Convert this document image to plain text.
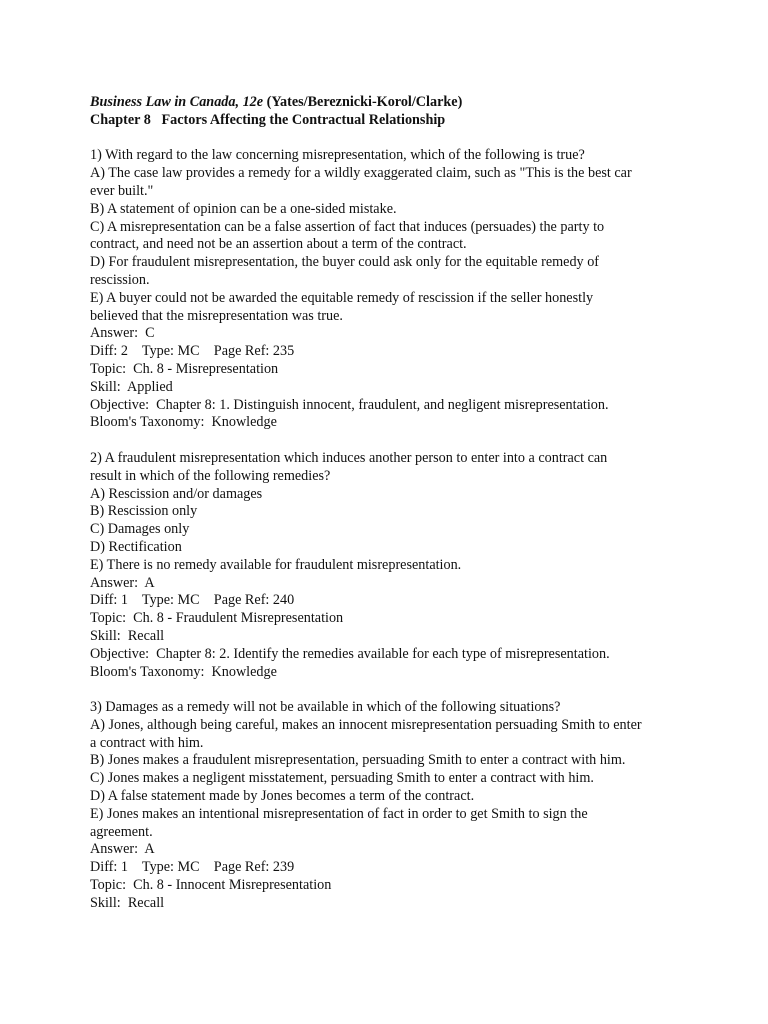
Business Law in Canada, 12e (Yates/Bereznicki-Korol/Clarke)
Chapter 8   Factors Affecting the Contractual Relationship
1) With regard to the law concerning misrepresentation, which of the following is true?
A) The case law provides a remedy for a wildly exaggerated claim, such as "This is the best car
ever built."
B) A statement of opinion can be a one-sided mistake.
C) A misrepresentation can be a false assertion of fact that induces (persuades) the party to
contract, and need not be an assertion about a term of the contract.
D) For fraudulent misrepresentation, the buyer could ask only for the equitable remedy of
rescission.
E) A buyer could not be awarded the equitable remedy of rescission if the seller honestly
believed that the misrepresentation was true.
Answer:  C
Diff: 2    Type: MC    Page Ref: 235
Topic:  Ch. 8 - Misrepresentation
Skill:  Applied
Objective:  Chapter 8: 1. Distinguish innocent, fraudulent, and negligent misrepresentation.
Bloom's Taxonomy:  Knowledge
2) A fraudulent misrepresentation which induces another person to enter into a contract can
result in which of the following remedies?
A) Rescission and/or damages
B) Rescission only
C) Damages only
D) Rectification
E) There is no remedy available for fraudulent misrepresentation.
Answer:  A
Diff: 1    Type: MC    Page Ref: 240
Topic:  Ch. 8 - Fraudulent Misrepresentation
Skill:  Recall
Objective:  Chapter 8: 2. Identify the remedies available for each type of misrepresentation.
Bloom's Taxonomy:  Knowledge
3) Damages as a remedy will not be available in which of the following situations?
A) Jones, although being careful, makes an innocent misrepresentation persuading Smith to enter
a contract with him.
B) Jones makes a fraudulent misrepresentation, persuading Smith to enter a contract with him.
C) Jones makes a negligent misstatement, persuading Smith to enter a contract with him.
D) A false statement made by Jones becomes a term of the contract.
E) Jones makes an intentional misrepresentation of fact in order to get Smith to sign the
agreement.
Answer:  A
Diff: 1    Type: MC    Page Ref: 239
Topic:  Ch. 8 - Innocent Misrepresentation
Skill:  Recall
